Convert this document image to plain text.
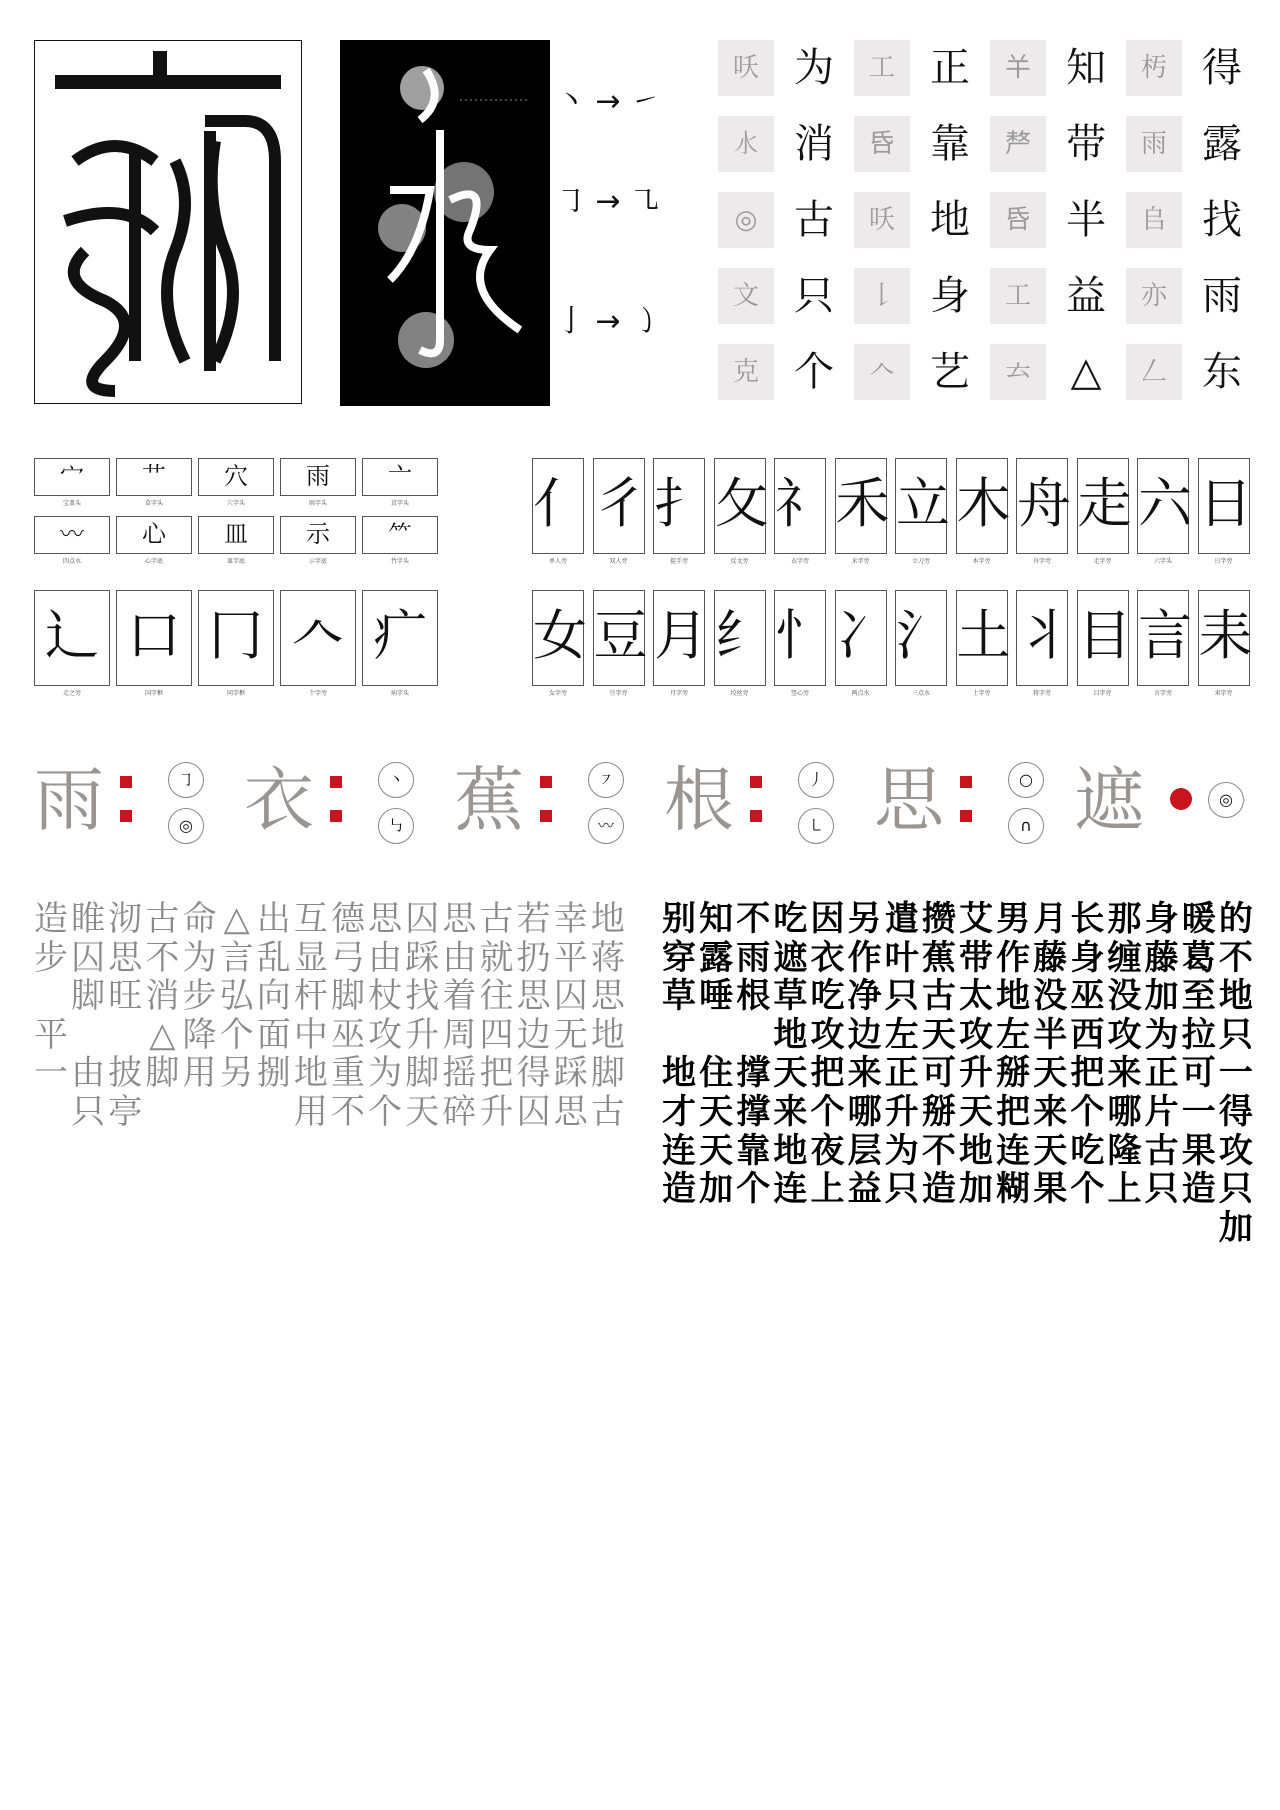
丶 → ㇀
㇆ → ㇈
亅 → ㇁
㕭 为	工 正	𢆉 知	𣏓 得
𣱱 消	𠯑 靠	𠩺 带	雨 露
◎ 古	㕭 地	𠯑 半	𠂤 找
文 只	𠄌 身	工 益	亦 雨
克 个	𠆢 艺	𠫓 △	𠃋 东
宀
宝盖头
艹
草字头
穴
穴字头
雨
雨字头
亠
京字头
〰
四点水
心
心字底
皿
皿字底
示
示字底
⺮
竹字头
亻
单人旁
彳
双人旁
扌
提手旁
攵
反文旁
礻
衣字旁
禾
禾字旁
立
立刀旁
木
木字旁
舟
舟字旁
走
走字旁
六
六字头
日
日字旁
辶
走之旁
口
国字框
冂
同字框
𠆢
个字旁
疒
病字头
女
女字旁
豆
豆字旁
月
月字旁
纟
绞丝旁
忄
竖心旁
冫
两点水
氵
三点水
土
土字旁
丬
将字旁
目
目字旁
言
言字旁
耒
耒字旁
雨	㇆
◎ 衣	丶
㇉ 蕉	㇇
〰 根	丿
㇄ 思	○
∩ 遮	◎
地
蒋
思
地
脚
古
幸
平
囚
无
踩
思
若
扔
思
边
得
囚
古
就
往
四
把
升
思
由
着
周
摇
碎
囚
踩
找
升
脚
天
思
由
杖
攻
为
个
德
弓
脚
巫
重
不
互
显
杆
中
地
用
出
乱
向
面
捌
△
言
弘
个
另
命
为
步
降
用
古
不
消
△
脚
沏
思
旺

披
亭
睢
囚
脚

由
只
造
步

平
一
的
不
地
只
一
得
攻
只
加
暖
葛
至
拉
可
一
果
造
身
藤
加
为
正
片
古
只
那
缠
没
攻
来
哪
隆
上
长
身
巫
西
把
个
吃
个
月
藤
没
半
天
来
天
果
男
作
地
左
掰
把
连
糊
艾
带
太
攻
升
天
地
加
攒
蕉
古
天
可
掰
不
造
遣
叶
只
左
正
升
为
只
另
作
净
边
来
哪
层
益
因
衣
吃
攻
把
个
夜
上
吃
遮
草
地
天
来
地
连
不
雨
根

撑
撑
靠
个
知
露
唾

住
天
天
加
别
穿
草

地
才
连
造
